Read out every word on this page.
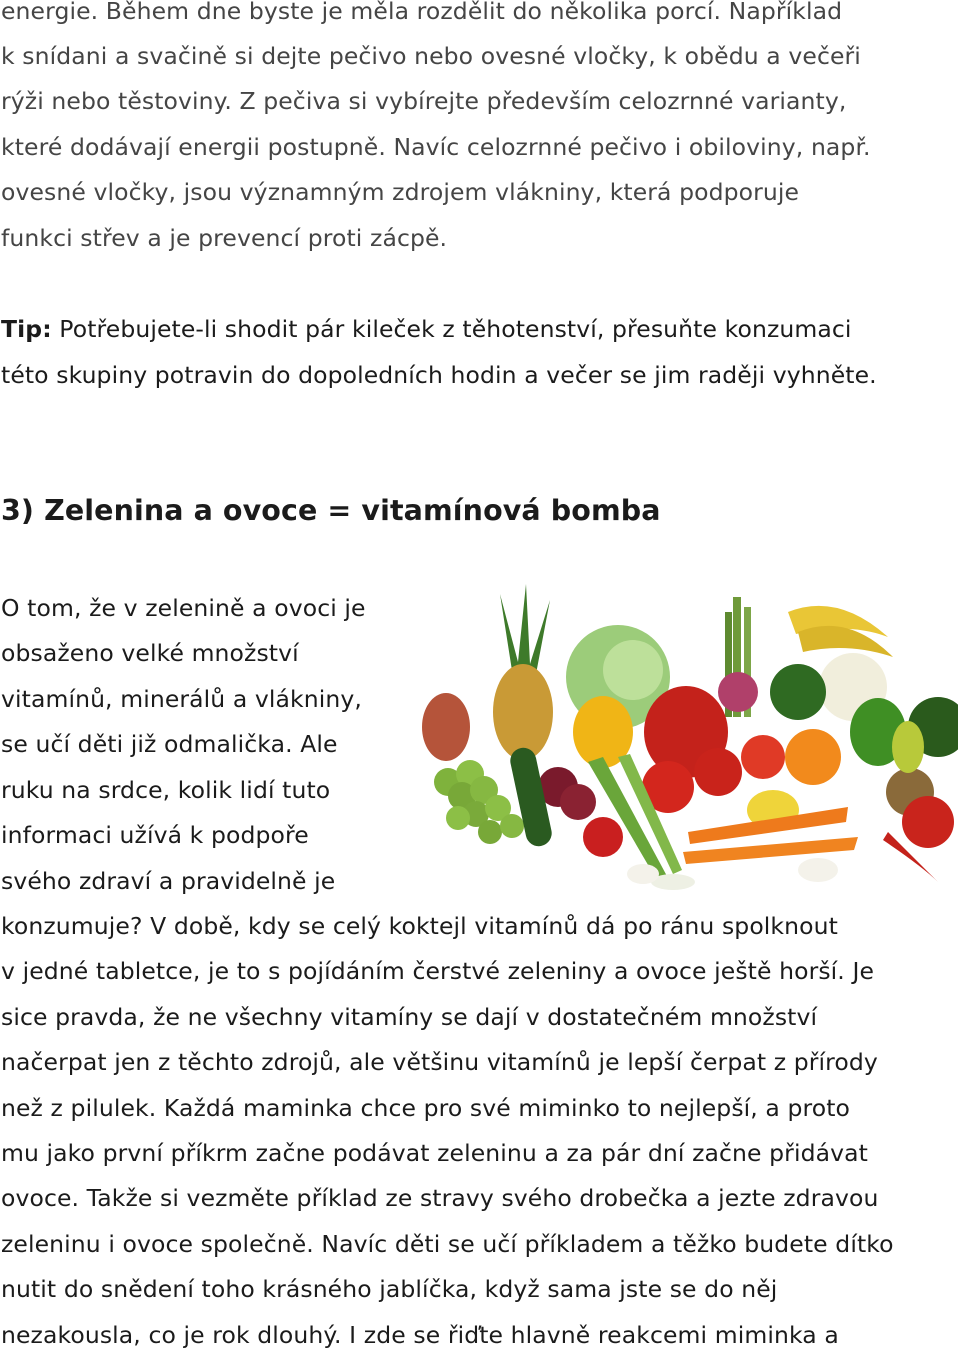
energie. Během dne byste je měla rozdělit do několika porcí. Například
k snídani a svačině si dejte pečivo nebo ovesné vločky, k obědu a večeři
rýži nebo těstoviny. Z pečiva si vybírejte především celozrnné varianty,
které dodávají energii postupně. Navíc celozrnné pečivo i obiloviny, např.
ovesné vločky, jsou významným zdrojem vlákniny, která podporuje
funkci střev a je prevencí proti zácpě.
Tip: Potřebujete-li shodit pár kileček z těhotenství, přesuňte konzumaci
této skupiny potravin do dopoledních hodin a večer se jim raději vyhněte.
3) Zelenina a ovoce = vitamínová bomba
O tom, že v zelenině a ovoci je
obsaženo velké množství
vitamínů, minerálů a vlákniny,
se učí děti již odmalička. Ale
ruku na srdce, kolik lidí tuto
informaci užívá k podpoře
svého zdraví a pravidelně je
konzumuje? V době, kdy se celý koktejl vitamínů dá po ránu spolknout
v jedné tabletce, je to s pojídáním čerstvé zeleniny a ovoce ještě horší. Je
sice pravda, že ne všechny vitamíny se dají v dostatečném množství
načerpat jen z těchto zdrojů, ale většinu vitamínů je lepší čerpat z přírody
než z pilulek. Každá maminka chce pro své miminko to nejlepší, a proto
mu jako první příkrm začne podávat zeleninu a za pár dní začne přidávat
ovoce. Takže si vezměte příklad ze stravy svého drobečka a jezte zdravou
zeleninu i ovoce společně. Navíc děti se učí příkladem a těžko budete dítko
nutit do snědení toho krásného jablíčka, když sama jste se do něj
nezakousla, co je rok dlouhý. I zde se řiďte hlavně reakcemi miminka a
